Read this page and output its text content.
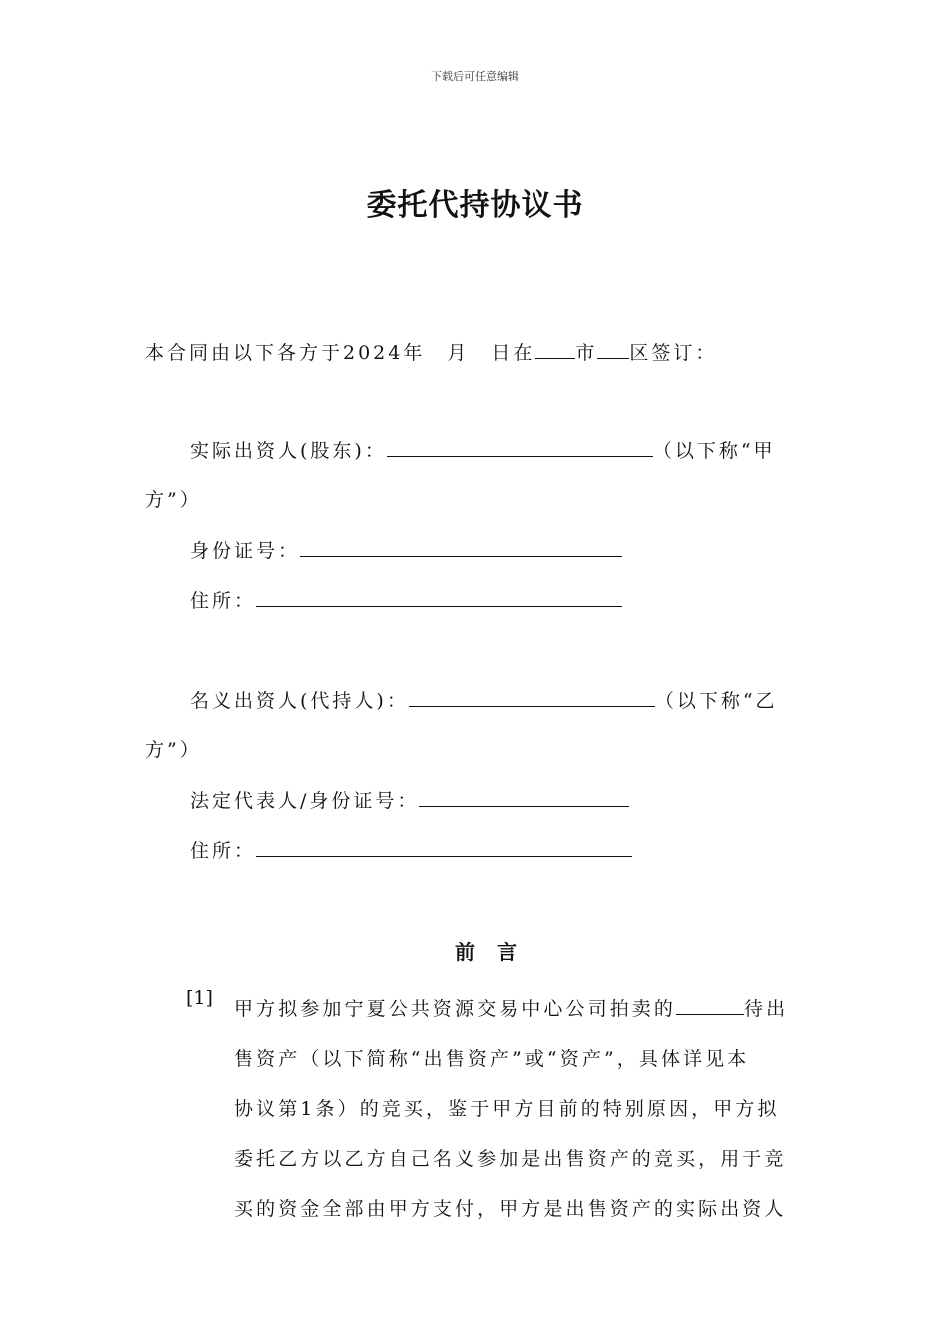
下载后可任意编辑
委托代持协议书
本合同由以下各方于2024年 月 日在 市 区签订：
实际出资人(股东)：	（以下称“甲
方”）
身份证号：
住所：
名义出资人(代持人)：	（以下称“乙
方”）
法定代表人/身份证号：
住所：
前言
[1] 甲方拟参加宁夏公共资源交易中心公司拍卖的	待出
售资产（以下简称“出售资产”或“资产”，具体详见本
协议第1条）的竞买，鉴于甲方目前的特别原因，甲方拟
委托乙方以乙方自己名义参加是出售资产的竞买，用于竞
买的资金全部由甲方支付，甲方是出售资产的实际出资人
